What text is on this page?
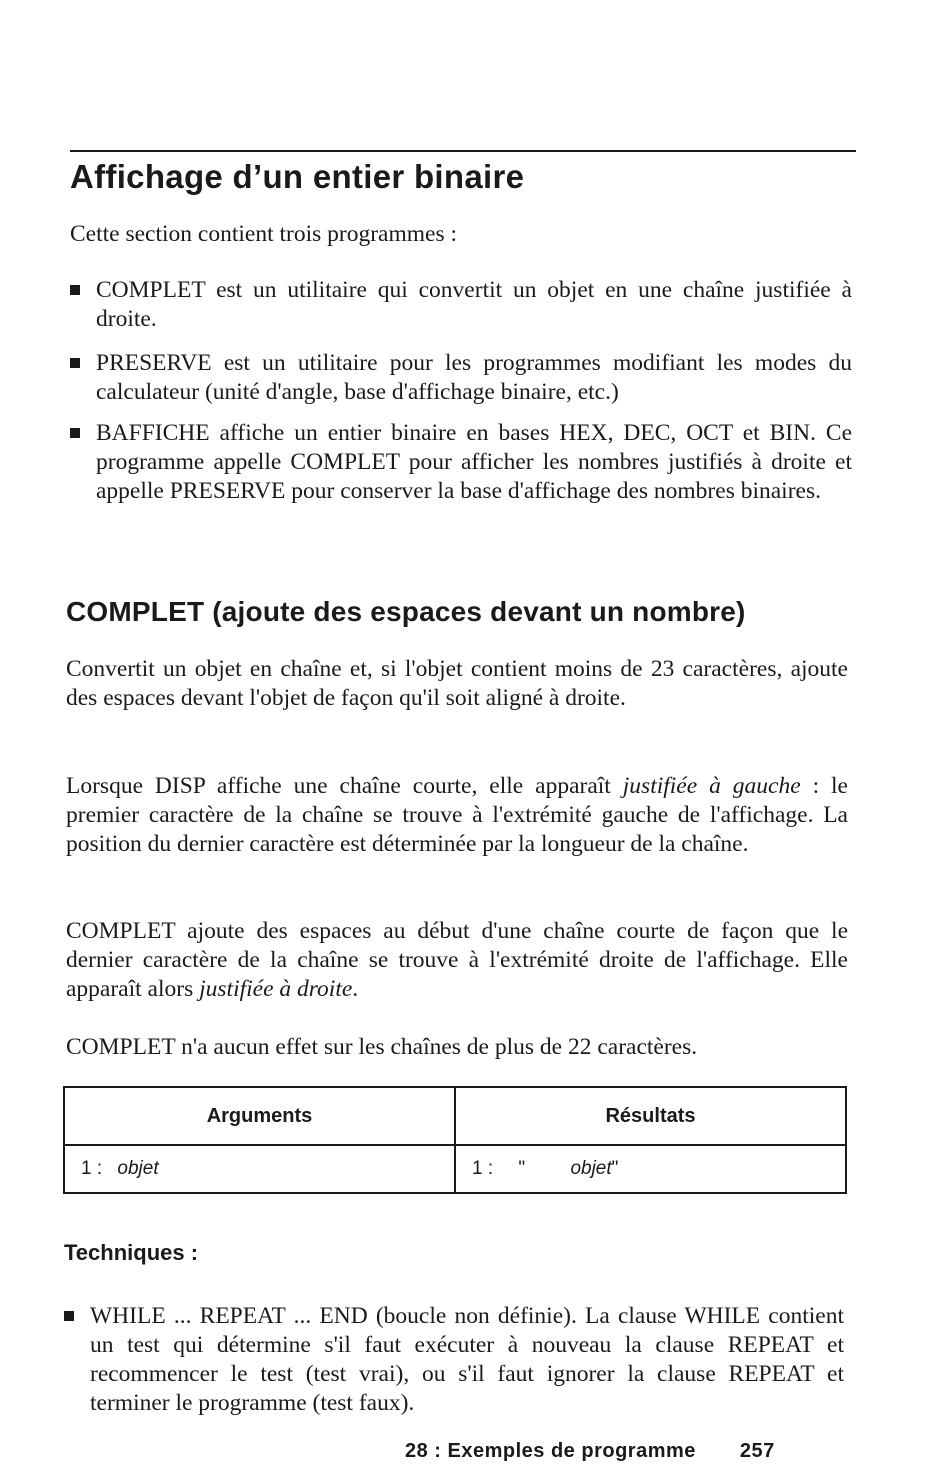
Affichage d’un entier binaire

Cette section contient trois programmes :

COMPLET est un utilitaire qui convertit un objet en une chaîne justifiée à droite.
PRESERVE est un utilitaire pour les programmes modifiant les modes du calculateur (unité d'angle, base d'affichage binaire, etc.)
BAFFICHE affiche un entier binaire en bases HEX, DEC, OCT et BIN. Ce programme appelle COMPLET pour afficher les nombres justifiés à droite et appelle PRESERVE pour conserver la base d'affichage des nombres binaires.
COMPLET (ajoute des espaces devant un nombre)

Convertit un objet en chaîne et, si l'objet contient moins de 23 caractères, ajoute des espaces devant l'objet de façon qu'il soit aligné à droite.

Lorsque DISP affiche une chaîne courte, elle apparaît justifiée à gauche : le premier caractère de la chaîne se trouve à l'extrémité gauche de l'affichage. La position du dernier caractère est déterminée par la longueur de la chaîne.

COMPLET ajoute des espaces au début d'une chaîne courte de façon que le dernier caractère de la chaîne se trouve à l'extrémité droite de l'affichage. Elle apparaît alors justifiée à droite.

COMPLET n'a aucun effet sur les chaînes de plus de 22 caractères.

Arguments	Résultats
1 : objet	1 : " objet"
Techniques :
WHILE ... REPEAT ... END (boucle non définie). La clause WHILE contient un test qui détermine s'il faut exécuter à nouveau la clause REPEAT et recommencer le test (test vrai), ou s'il faut ignorer la clause REPEAT et terminer le programme (test faux).
28 : Exemples de programme 257
